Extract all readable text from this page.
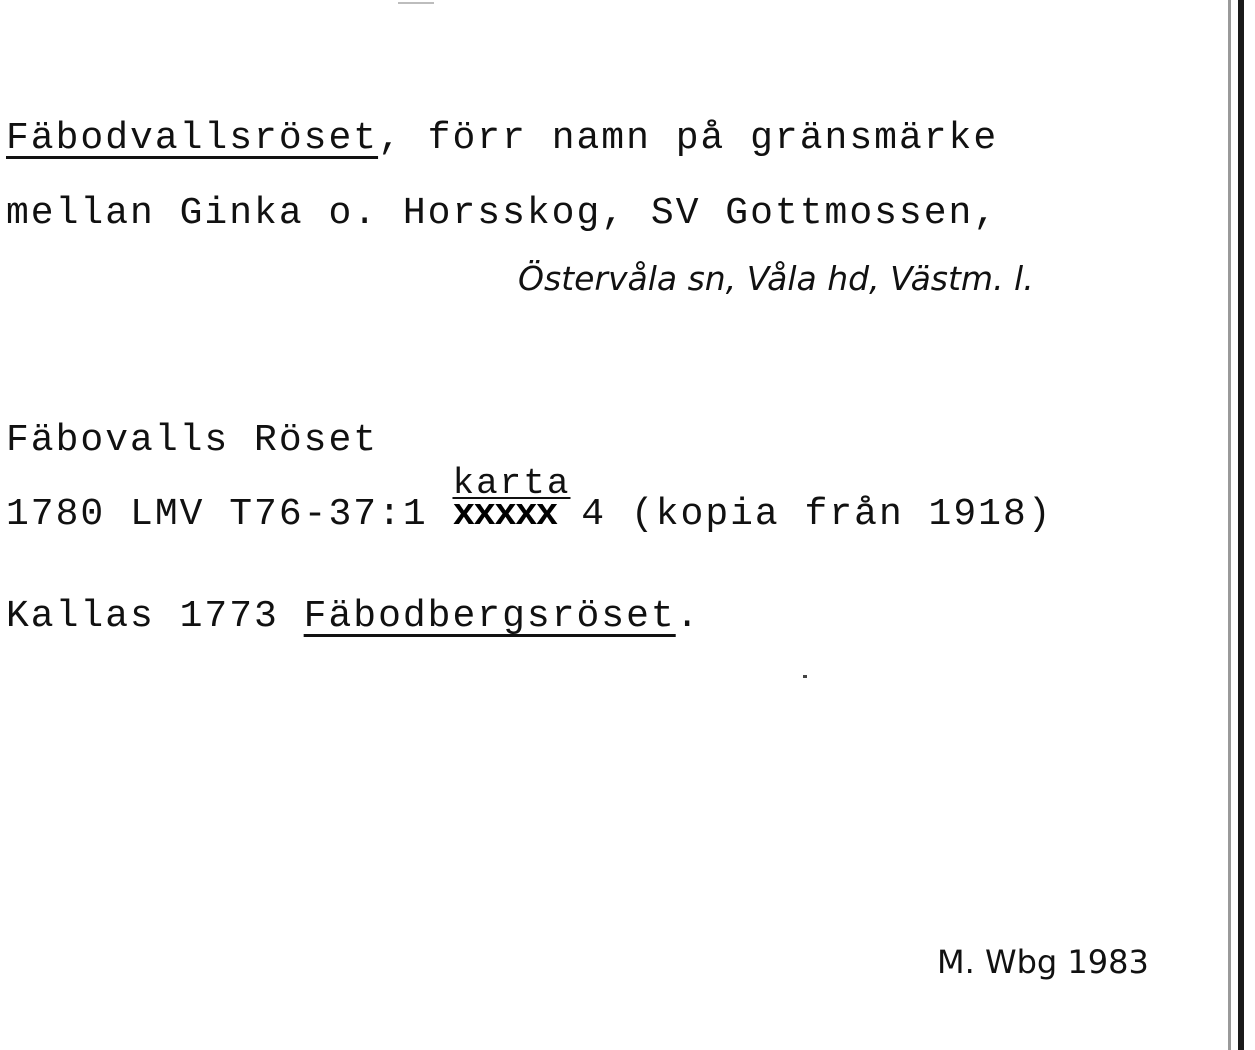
Fäbodvallsröset, förr namn på gränsmärke
mellan Ginka o. Horsskog, SV Gottmossen,
Östervåla sn, Våla hd, Västm. l.
Fäbovalls Röset
1780 LMV T76-37:1
karta
xxxxx 4 (kopia från 1918)
Kallas 1773 Fäbodbergsröset.
M. Wbg 1983
